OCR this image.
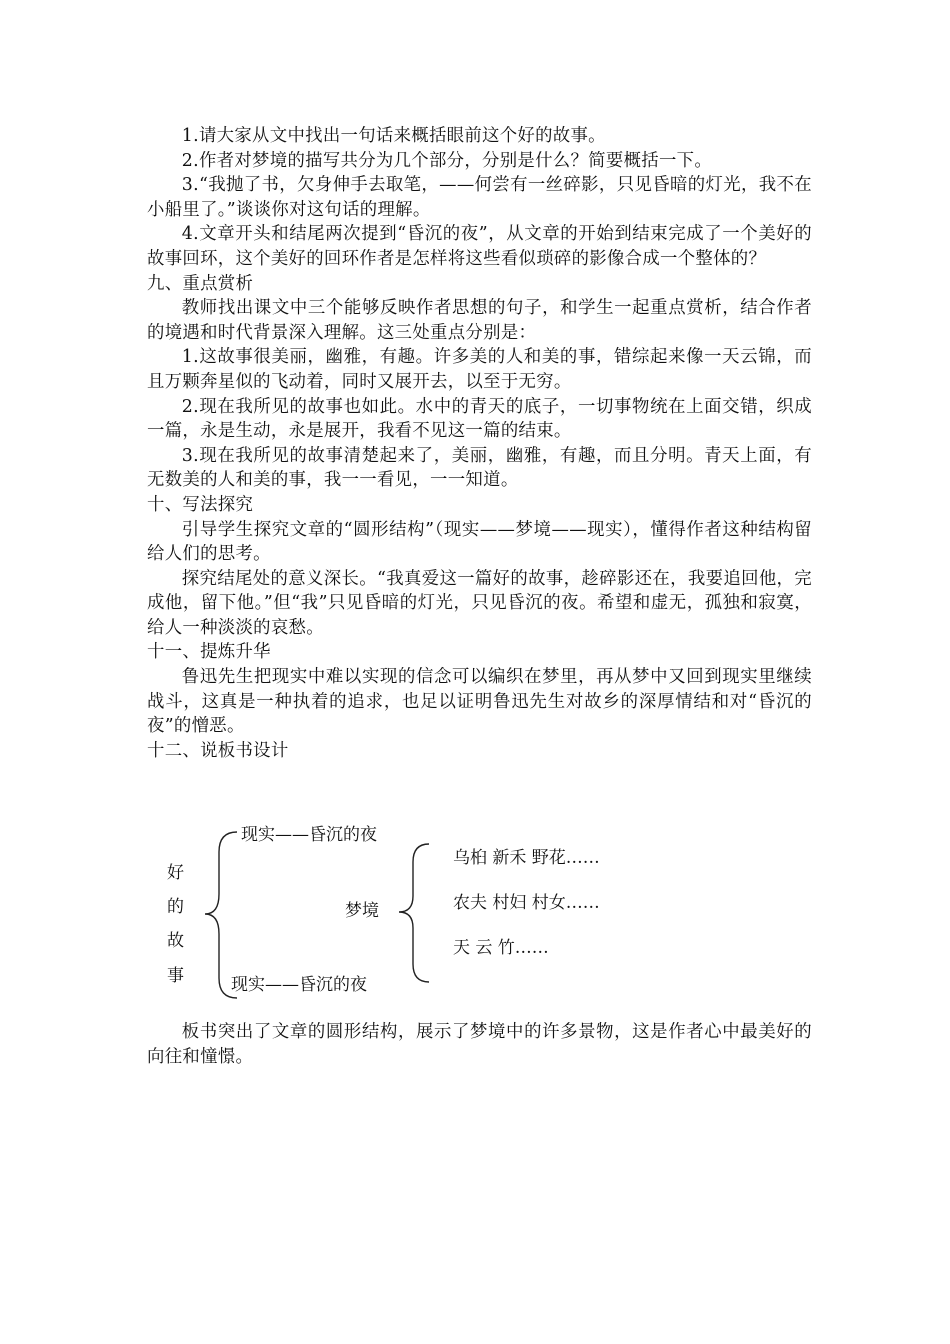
1.请大家从文中找出一句话来概括眼前这个好的故事。

2.作者对梦境的描写共分为几个部分，分别是什么？简要概括一下。

3.“我抛了书，欠身伸手去取笔，——何尝有一丝碎影，只见昏暗的灯光，我不在小船里了。”谈谈你对这句话的理解。

4.文章开头和结尾两次提到“昏沉的夜”，从文章的开始到结束完成了一个美好的故事回环，这个美好的回环作者是怎样将这些看似琐碎的影像合成一个整体的？

九、重点赏析

教师找出课文中三个能够反映作者思想的句子，和学生一起重点赏析，结合作者的境遇和时代背景深入理解。这三处重点分别是：

1.这故事很美丽，幽雅，有趣。许多美的人和美的事，错综起来像一天云锦，而且万颗奔星似的飞动着，同时又展开去，以至于无穷。

2.现在我所见的故事也如此。水中的青天的底子，一切事物统在上面交错，织成一篇，永是生动，永是展开，我看不见这一篇的结束。

3.现在我所见的故事清楚起来了，美丽，幽雅，有趣，而且分明。青天上面，有无数美的人和美的事，我一一看见，一一知道。

十、写法探究

引导学生探究文章的“圆形结构”（现实——梦境——现实），懂得作者这种结构留给人们的思考。

探究结尾处的意义深长。“我真爱这一篇好的故事，趁碎影还在，我要追回他，完成他，留下他。”但“我”只见昏暗的灯光，只见昏沉的夜。希望和虚无，孤独和寂寞，给人一种淡淡的哀愁。

十一、提炼升华

鲁迅先生把现实中难以实现的信念可以编织在梦里，再从梦中又回到现实里继续战斗，这真是一种执着的追求，也足以证明鲁迅先生对故乡的深厚情结和对“昏沉的夜”的憎恶。

十二、说板书设计

好
的
故
事
现实——昏沉的夜
梦境
现实——昏沉的夜
乌桕 新禾 野花……
农夫 村妇 村女……
天 云 竹……

板书突出了文章的圆形结构，展示了梦境中的许多景物，这是作者心中最美好的向往和憧憬。
